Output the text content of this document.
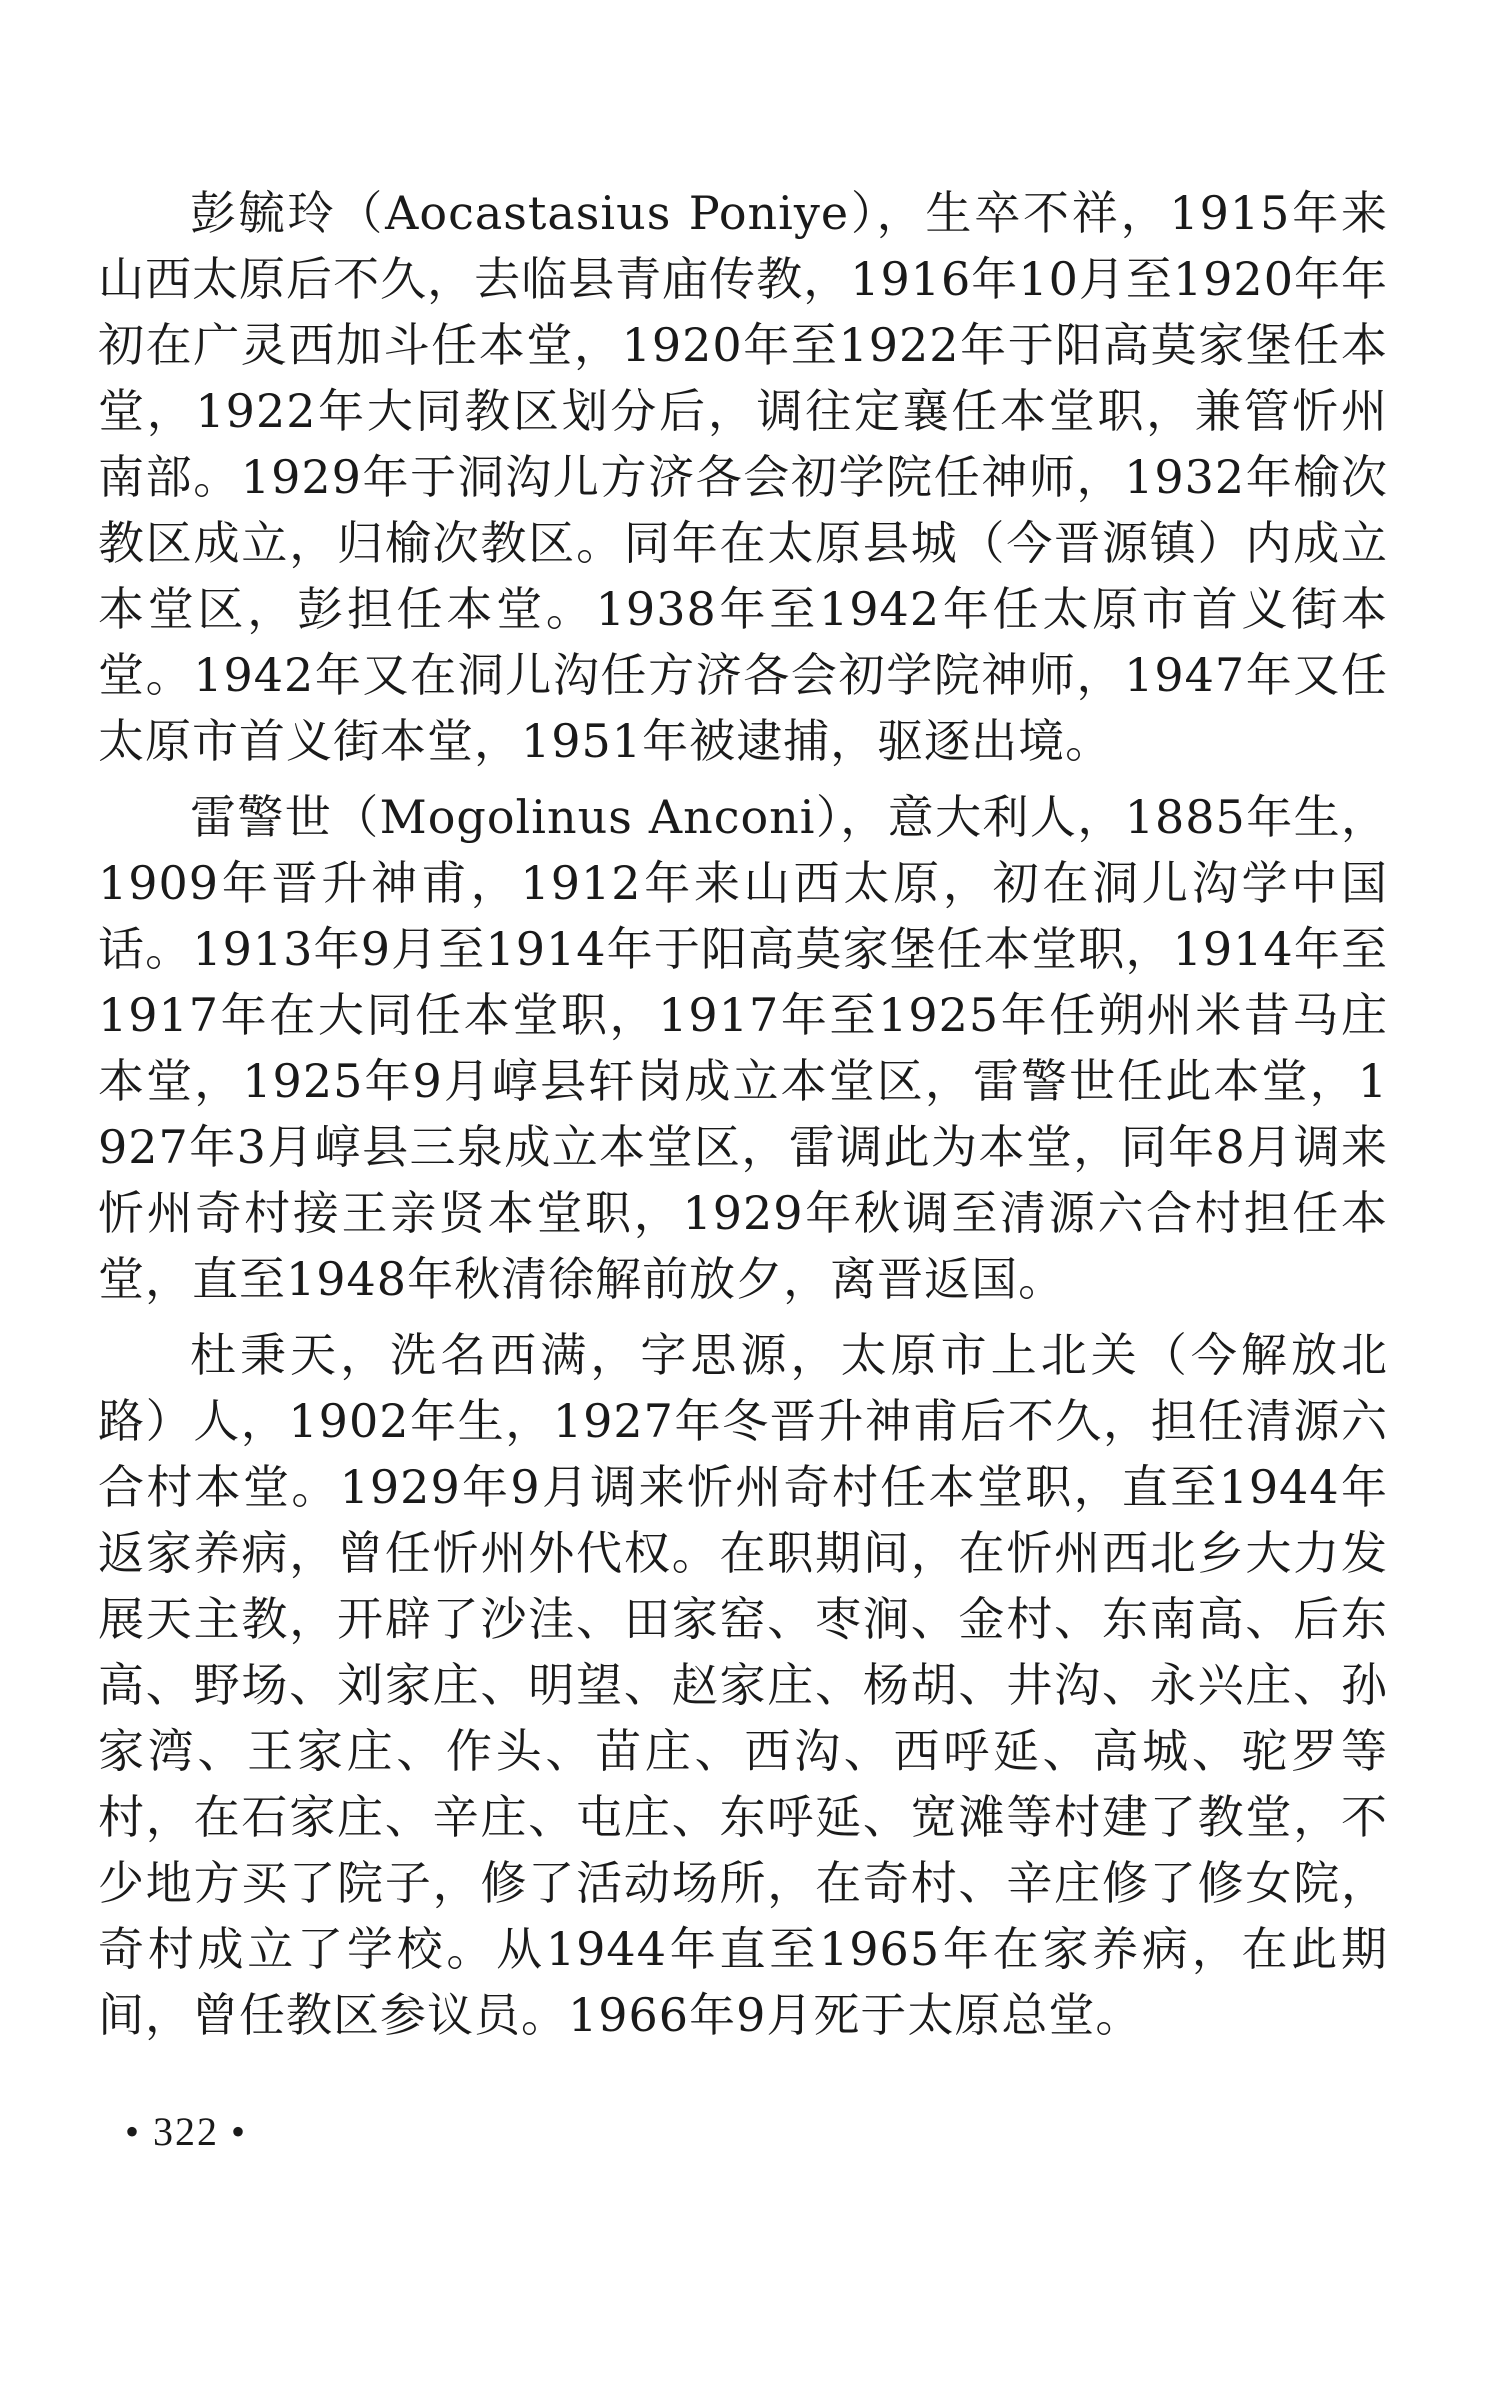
彭毓玲（Aocastasius Poniye），生卒不祥，1915年来山西太原后不久，去临县青庙传教，1916年10月至1920年年初在广灵西加斗任本堂，1920年至1922年于阳高莫家堡任本堂，1922年大同教区划分后，调往定襄任本堂职，兼管忻州南部。1929年于洞沟儿方济各会初学院任神师，1932年榆次教区成立，归榆次教区。同年在太原县城（今晋源镇）内成立本堂区，彭担任本堂。1938年至1942年任太原市首义街本堂。1942年又在洞儿沟任方济各会初学院神师，1947年又任太原市首义街本堂，1951年被逮捕，驱逐出境。

雷警世（Mogolinus Anconi），意大利人，1885年生，1909年晋升神甫，1912年来山西太原，初在洞儿沟学中国话。1913年9月至1914年于阳高莫家堡任本堂职，1914年至1917年在大同任本堂职，1917年至1925年任朔州米昔马庄本堂，1925年9月崞县轩岗成立本堂区，雷警世任此本堂，1927年3月崞县三泉成立本堂区，雷调此为本堂，同年8月调来忻州奇村接王亲贤本堂职，1929年秋调至清源六合村担任本堂，直至1948年秋清徐解前放夕，离晋返国。

杜秉天，洗名西满，字思源，太原市上北关（今解放北路）人，1902年生，1927年冬晋升神甫后不久，担任清源六合村本堂。1929年9月调来忻州奇村任本堂职，直至1944年返家养病，曾任忻州外代权。在职期间，在忻州西北乡大力发展天主教，开辟了沙洼、田家窑、枣涧、金村、东南高、后东高、野场、刘家庄、明望、赵家庄、杨胡、井沟、永兴庄、孙家湾、王家庄、作头、苗庄、西沟、西呼延、高城、驼罗等村，在石家庄、辛庄、屯庄、东呼延、宽滩等村建了教堂，不少地方买了院子，修了活动场所，在奇村、辛庄修了修女院，奇村成立了学校。从1944年直至1965年在家养病，在此期间，曾任教区参议员。1966年9月死于太原总堂。

• 322 •
